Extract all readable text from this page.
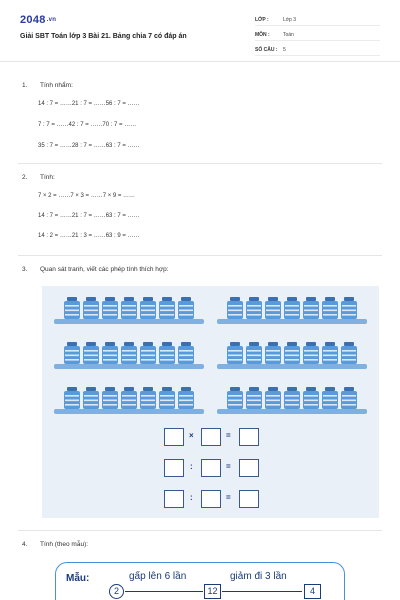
2048.vn
Giải SBT Toán lớp 3 Bài 21. Bảng chia 7 có đáp án
LỚP :	Lớp 3
MÔN :	Toán
SỐ CÂU : 5
1. Tính nhẩm:
14 : 7 = ……21 : 7 = ……56 : 7 = ……
7 : 7 = ……42 : 7 = ……70 : 7 = ……
35 : 7 = ……28 : 7 = ……63 : 7 = ……
2. Tính:
7 × 2 = ……7 × 3 = ……7 × 9 = ……
14 : 7 = ……21 : 7 = ……63 : 7 = ……
14 : 2 = ……21 : 3 = ……63 : 9 = ……
3. Quan sát tranh, viết các phép tính thích hợp:
×	=
:	=
:	=
4. Tính (theo mẫu):
Mẫu:
2
gấp lên 6 lần
12
giảm đi 3 lần
4
